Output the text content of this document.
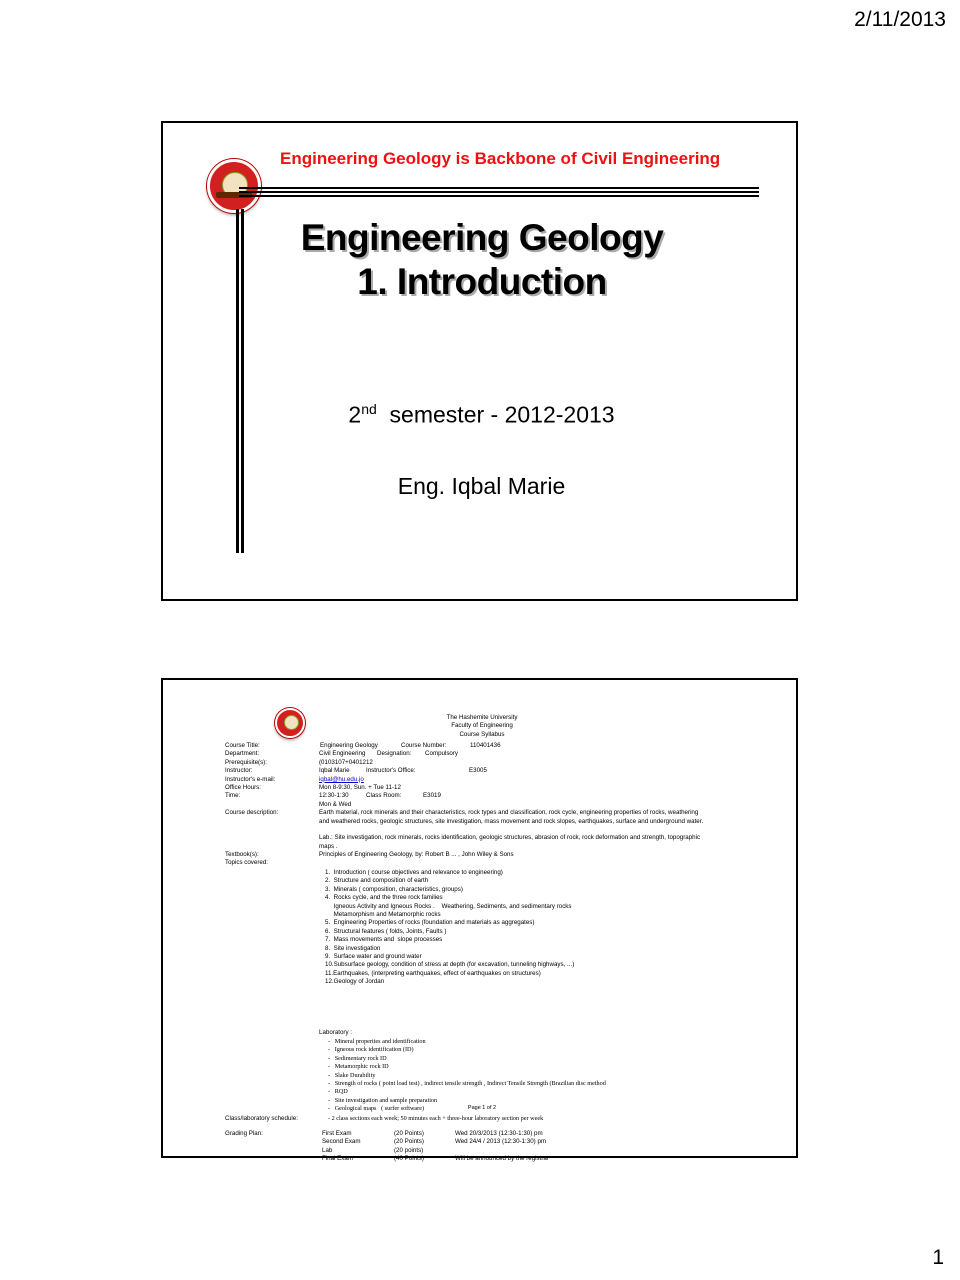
2/11/2013
Engineering Geology is Backbone of Civil Engineering
Engineering Geology
1. Introduction
2nd  semester - 2012-2013
Eng. Iqbal Marie
The Hashemite University
Faculty of Engineering
Course Syllabus
Course Title:	Engineering Geology	Course Number:	110401436
Department:	Civil Engineering Designation: Compulsory
Prerequisite(s):	(0103107+0401212
Instructor:	Iqbal Marie	Instructor's Office:	E3005
Instructor's e-mail:	iqbal@hu.edu.jo
Office Hours:	Mon 8-9:30, Sun. + Tue 11-12
Time:	12:30-1:30	Class Room:	E3019
Mon & Wed
Course description:	Earth material, rock minerals and their characteristics, rock types and classification, rock cycle, engineering properties of rocks, weathering
and weathered rocks, geologic structures, site investigation, mass movement and rock slopes, earthquakes, surface and underground water.
Lab.: Site investigation, rock minerals, rocks identification, geologic structures, abrasion of rock, rock deformation and strength, topographic
maps .
Textbook(s):	Principles of Engineering Geology, by: Robert B ... , John Wiley & Sons
Topics covered:
1.  Introduction ( course objectives and relevance to engineering)
2.  Structure and composition of earth
3.  Minerals ( composition, characteristics, groups)
4.  Rocks cycle, and the three rock families
Igneous Activity and Igneous Rocks .    Weathering, Sediments, and sedimentary rocks
Metamorphism and Metamorphic rocks
5.  Engineering Properties of rocks (foundation and materials as aggregates)
6.  Structural features ( folds, Joints, Faults )
7.  Mass movements and  slope processes
8.  Site investigation
9.  Surface water and ground water
10.Subsurface geology, condition of stress at depth (for excavation, tunneling highways, ...)
11.Earthquakes, (interpreting earthquakes, effect of earthquakes on structures)
12.Geology of Jordan
Laboratory :
-   Mineral properties and identification
-   Igneous rock identification (ID)
-   Sedimentary rock ID
-   Metamorphic rock ID
-   Slake Durability
-   Strength of rocks ( point load test) , indirect tensile strength , Indirect Tensile Strength (Brazilian disc method
-   RQD
-   Site investigation and sample preparation
-   Geological maps   ( surfer software)
Class/laboratory schedule:	- 2 class sections each week; 50 minutes each + three-hour laboratory section per week
Grading Plan:	First Exam	(20 Points)	Wed 20/3/2013 (12:30-1:30) pm
Second Exam	(20 Points)	Wed 24/4 / 2013 (12:30-1:30) pm
Lab	(20 points)
Final Exam	(40 Points)	Will be announced by the registrar
Page 1 of 2
1
